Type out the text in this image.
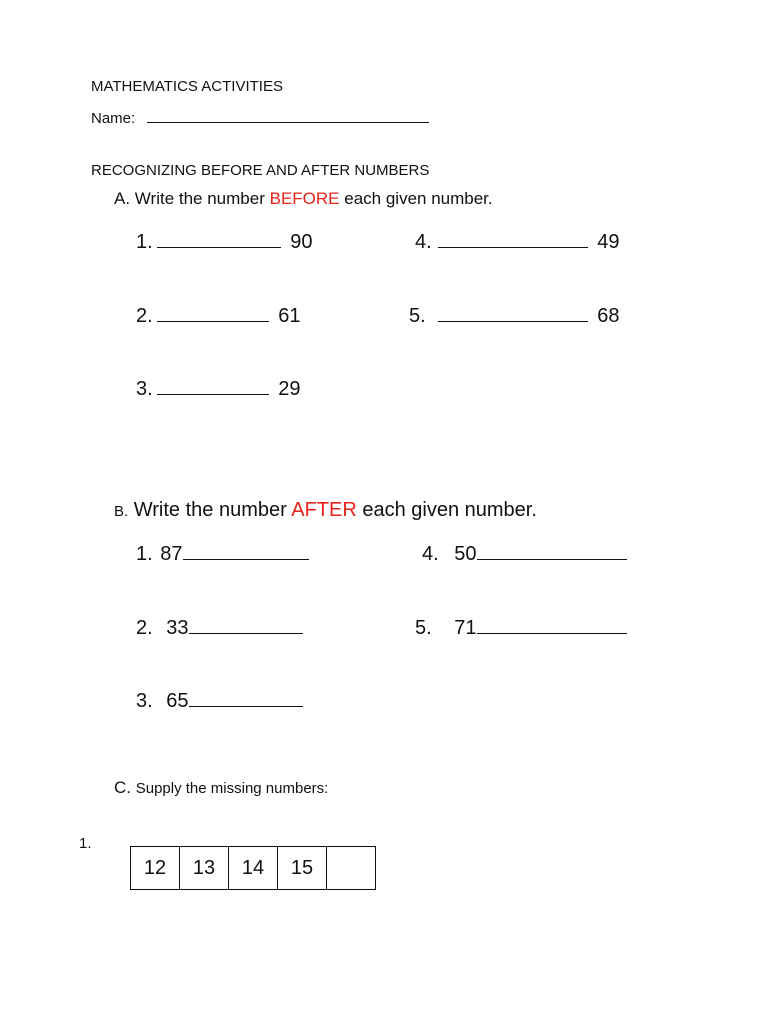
MATHEMATICS ACTIVITIES
Name:
RECOGNIZING BEFORE AND AFTER NUMBERS
A. Write the number BEFORE each given number.
1.	90
2.	61
3.	29
4.	49
5.	68
B. Write the number AFTER each given number.
1. 87
2. 33
3. 65
4. 50
5. 71
C. Supply the missing numbers:
1.
12	13	14	15
